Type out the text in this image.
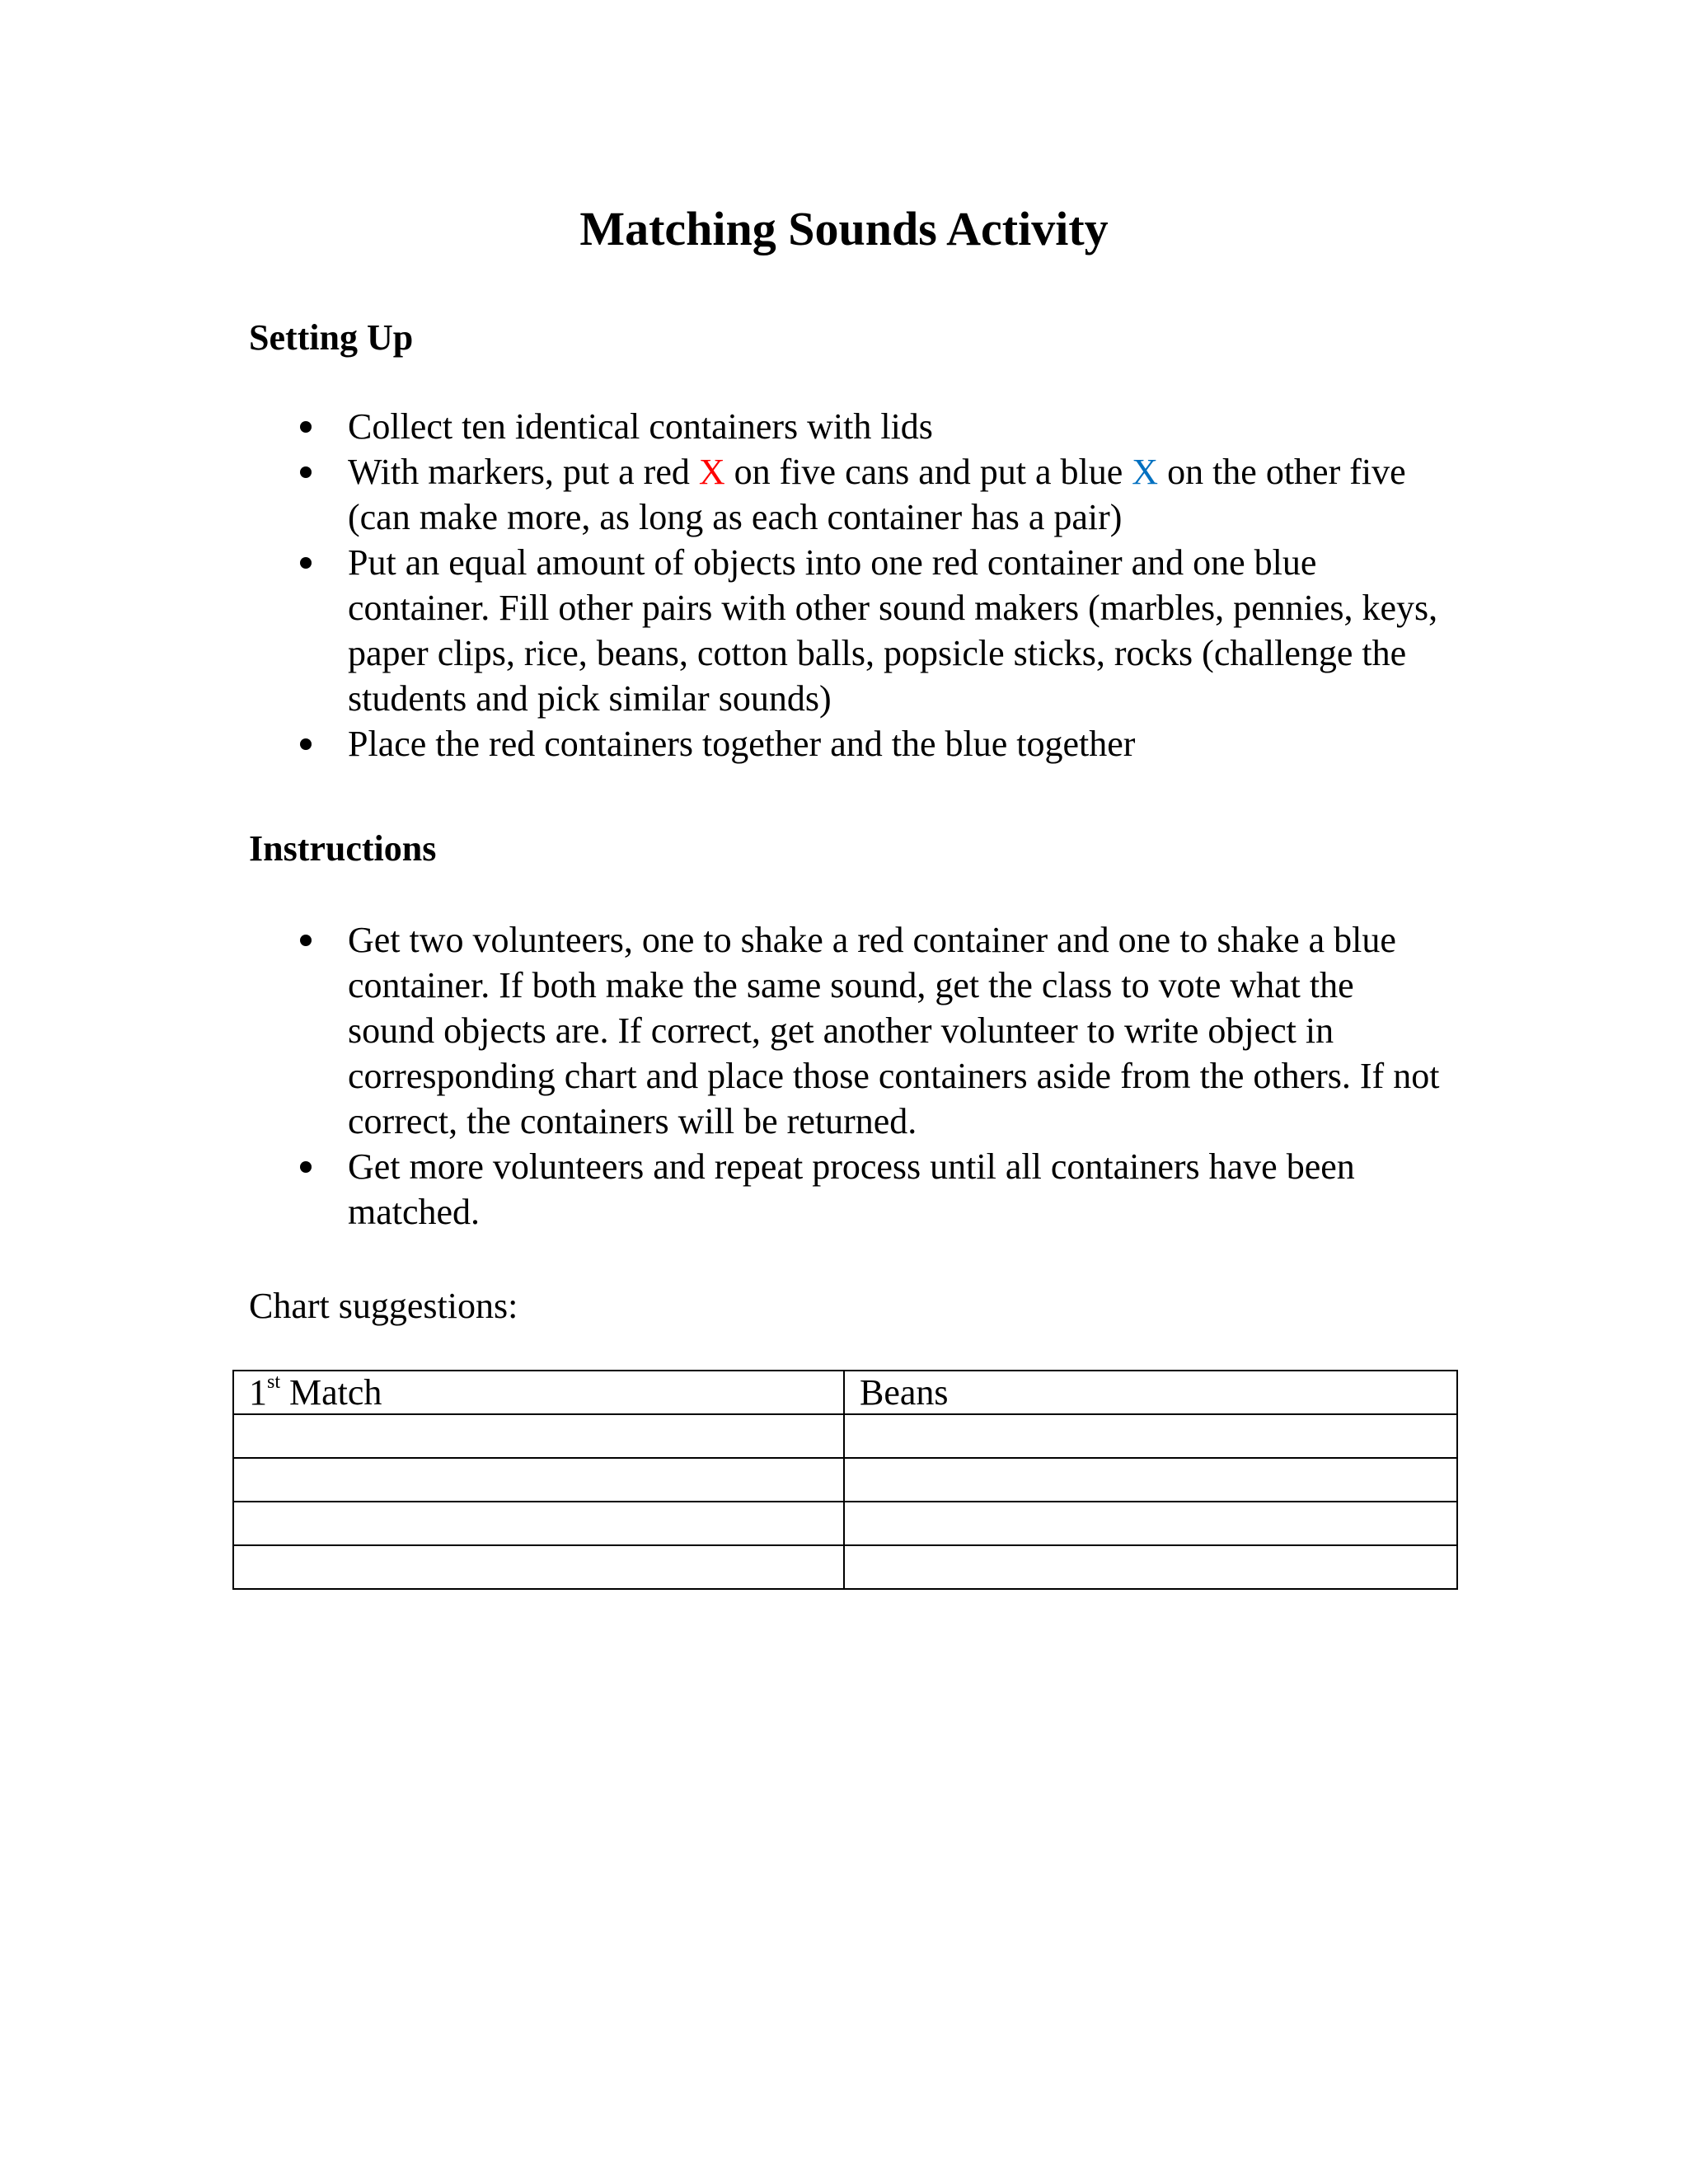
Matching Sounds Activity
Setting Up
Collect ten identical containers with lids
With markers, put a red X on five cans and put a blue X on the other five (can make more, as long as each container has a pair)
Put an equal amount of objects into one red container and one blue container. Fill other pairs with other sound makers (marbles, pennies, keys, paper clips, rice, beans, cotton balls, popsicle sticks, rocks (challenge the students and pick similar sounds)
Place the red containers together and the blue together
Instructions
Get two volunteers, one to shake a red container and one to shake a blue container. If both make the same sound, get the class to vote what the sound objects are. If correct, get another volunteer to write object in corresponding chart and place those containers aside from the others. If not correct, the containers will be returned.
Get more volunteers and repeat process until all containers have been matched.

Chart suggestions:

1st Match	Beans
